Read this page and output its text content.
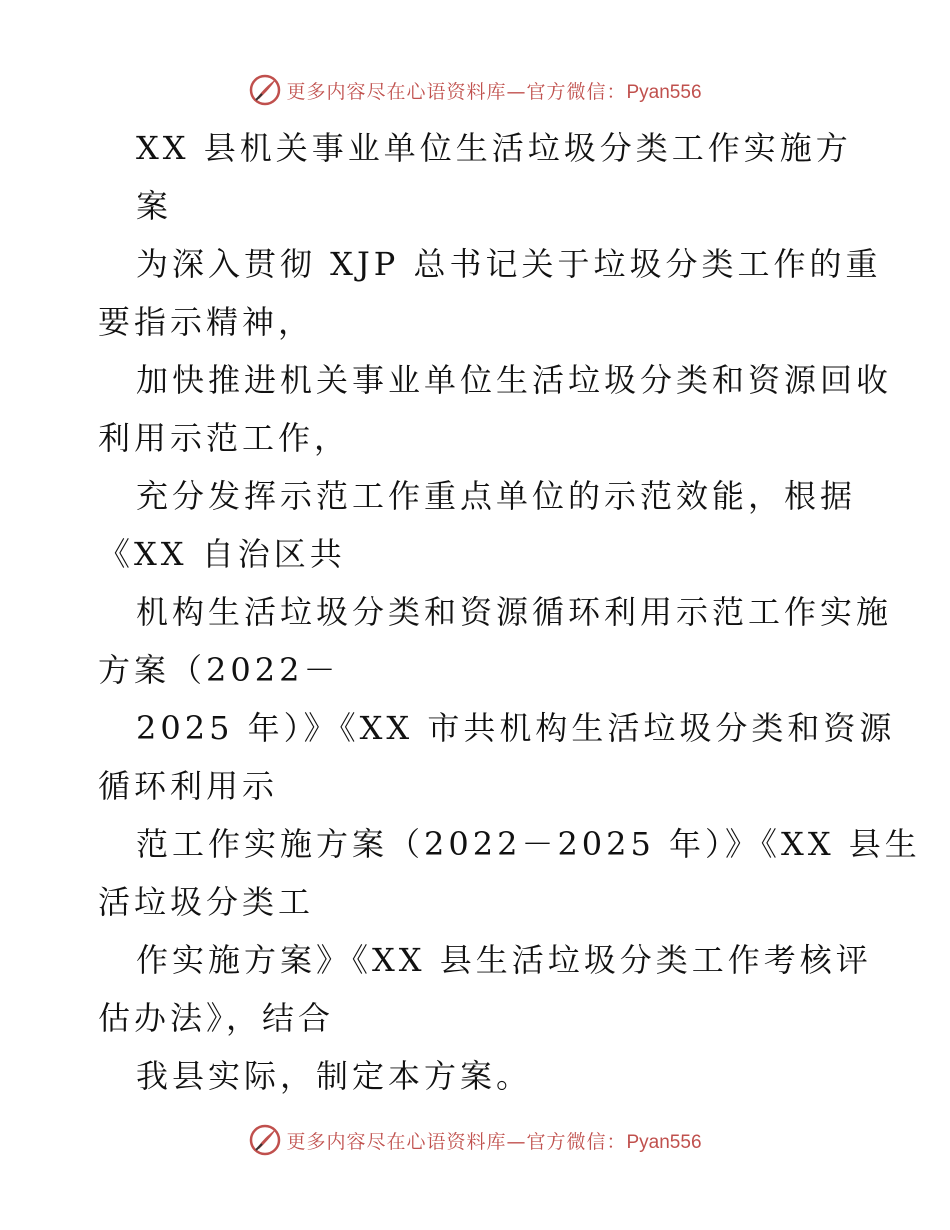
更多内容尽在心语资料库—官方微信：Pyan556
XX 县机关事业单位生活垃圾分类工作实施方
案
为深入贯彻 XJP 总书记关于垃圾分类工作的重
要指示精神，
加快推进机关事业单位生活垃圾分类和资源回收
利用示范工作，
充分发挥示范工作重点单位的示范效能，根据
《XX 自治区共
机构生活垃圾分类和资源循环利用示范工作实施
方案（2022－
2025 年）》《XX 市共机构生活垃圾分类和资源
循环利用示
范工作实施方案（2022－2025 年）》《XX 县生
活垃圾分类工
作实施方案》《XX 县生活垃圾分类工作考核评
估办法》，结合
我县实际，制定本方案。
更多内容尽在心语资料库—官方微信：Pyan556
